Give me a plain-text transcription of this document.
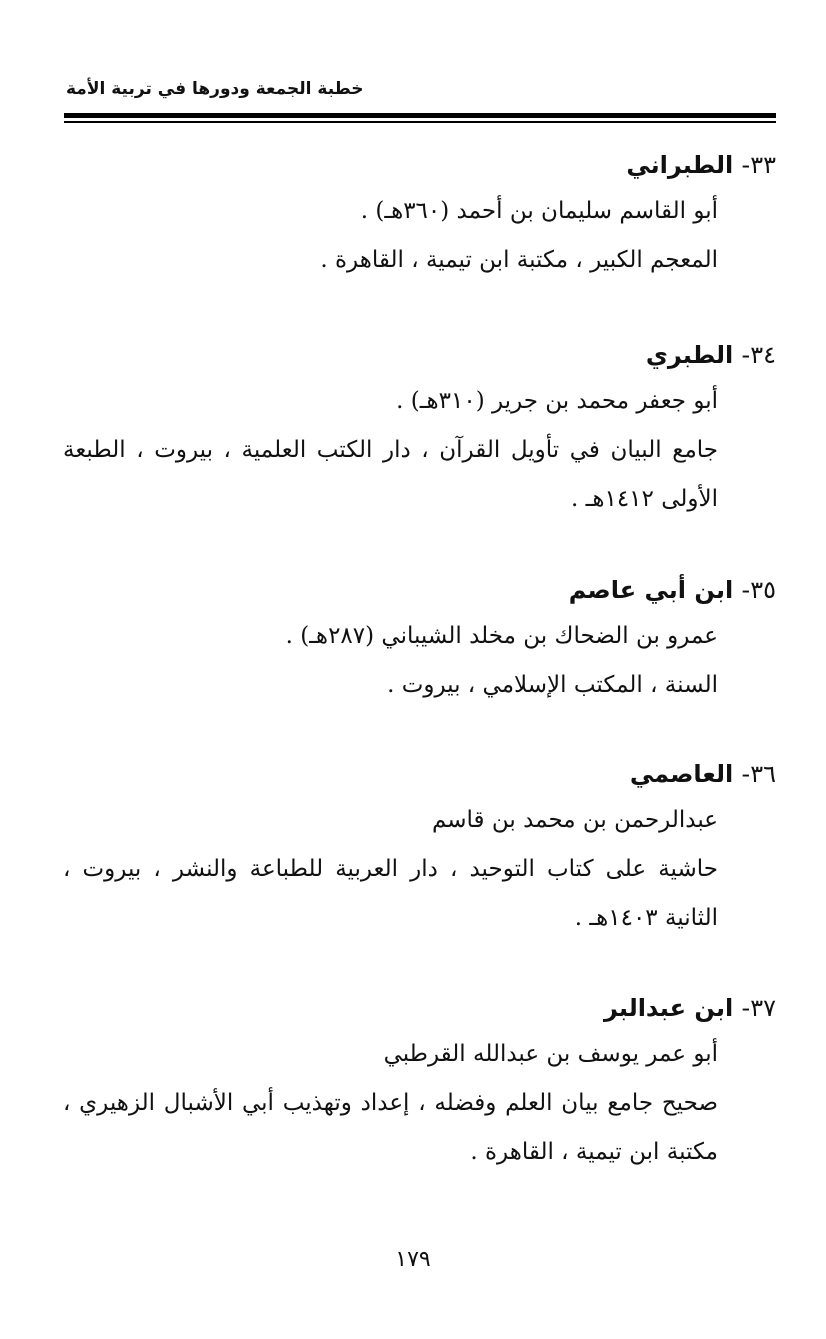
خطبة الجمعة ودورها في تربية الأمة
٣٣- الطبراني
أبو القاسم سليمان بن أحمد (٣٦٠هـ) .
المعجم الكبير ، مكتبة ابن تيمية ، القاهرة .
٣٤- الطبري
أبو جعفر محمد بن جرير (٣١٠هـ) .
جامع البيان في تأويل القرآن ، دار الكتب العلمية ، بيروت ، الطبعة
الأولى ١٤١٢هـ .
٣٥- ابن أبي عاصم
عمرو بن الضحاك بن مخلد الشيباني (٢٨٧هـ) .
السنة ، المكتب الإسلامي ، بيروت .
٣٦- العاصمي
عبدالرحمن بن محمد بن قاسم
حاشية على كتاب التوحيد ، دار العربية للطباعة والنشر ، بيروت ،
الثانية ١٤٠٣هـ .
٣٧- ابن عبدالبر
أبو عمر يوسف بن عبدالله القرطبي
صحيح جامع بيان العلم وفضله ، إعداد وتهذيب أبي الأشبال الزهيري ،
مكتبة ابن تيمية ، القاهرة .
١٧٩
